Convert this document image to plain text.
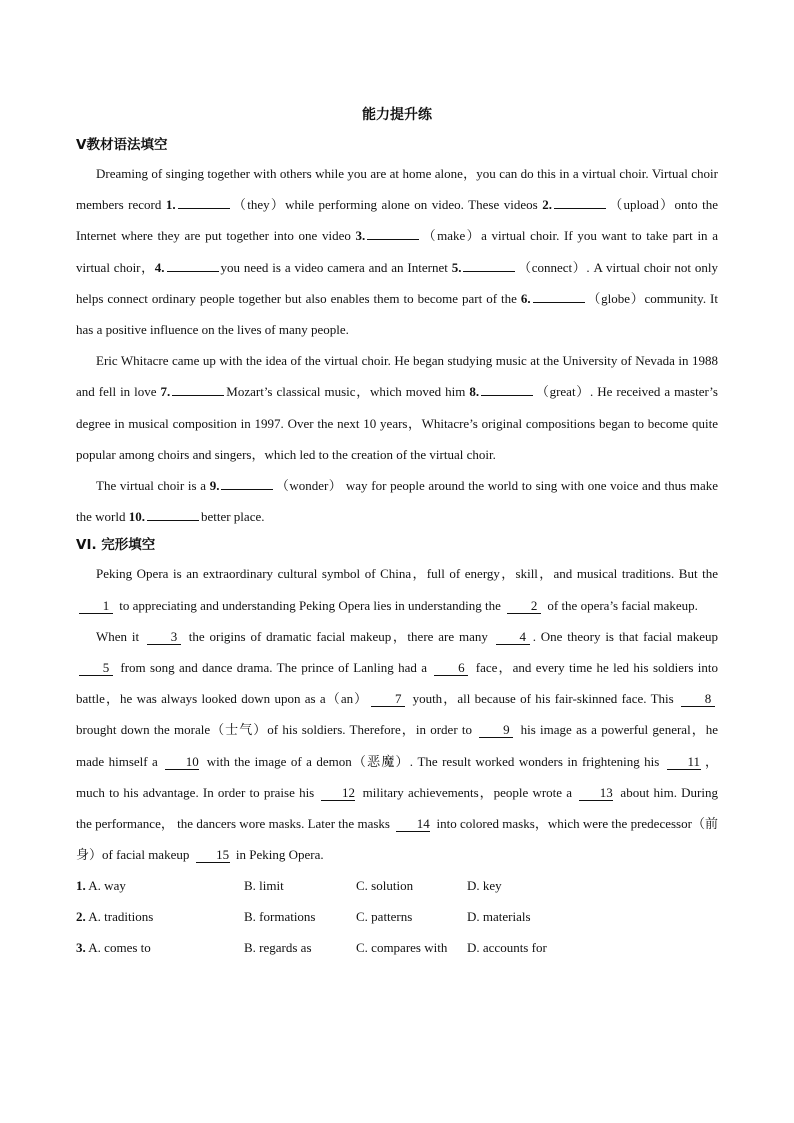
能力提升练
V教材语法填空

Dreaming of singing together with others while you are at home alone，you can do this in a virtual choir. Virtual choir members record 1.	（they）while performing alone on video. These videos 2.	（upload）onto the Internet where they are put together into one video 3.	（make）a virtual choir. If you want to take part in a virtual choir，4.	you need is a video camera and an Internet 5.	（connect）. A virtual choir not only helps connect ordinary people together but also enables them to become part of the 6.	（globe）community. It has a positive influence on the lives of many people.

Eric Whitacre came up with the idea of the virtual choir. He began studying music at the University of Nevada in 1988 and fell in love 7.	Mozart’s classical music，which moved him 8.	（great）. He received a master’s degree in musical composition in 1997. Over the next 10 years，Whitacre’s original compositions began to become quite popular among choirs and singers，which led to the creation of the virtual choir.

The virtual choir is a 9.	（wonder） way for people around the world to sing with one voice and thus make the world 10.	better place.

VI. 完形填空

Peking Opera is an extraordinary cultural symbol of China，full of energy，skill，and musical traditions. But the 1 to appreciating and understanding Peking Opera lies in understanding the 2 of the opera’s facial makeup.

When it 3 the origins of dramatic facial makeup，there are many 4 . One theory is that facial makeup 5 from song and dance drama. The prince of Lanling had a 6 face，and every time he led his soldiers into battle，he was always looked down upon as a（an） 7 youth，all because of his fair-skinned face. This 8 brought down the morale（士气）of his soldiers. Therefore，in order to 9 his image as a powerful general，he made himself a 10 with the image of a demon（恶魔）. The result worked wonders in frightening his 11 ，much to his advantage. In order to praise his 12 military achievements，people wrote a 13 about him. During the performance， the dancers wore masks. Later the masks 14 into colored masks，which were the predecessor（前身）of facial makeup 15 in Peking Opera.

1. A. way	B. limit	C. solution	D. key
2. A. traditions	B. formations	C. patterns	D. materials
3. A. comes to	B. regards as	C. compares with D. accounts for
